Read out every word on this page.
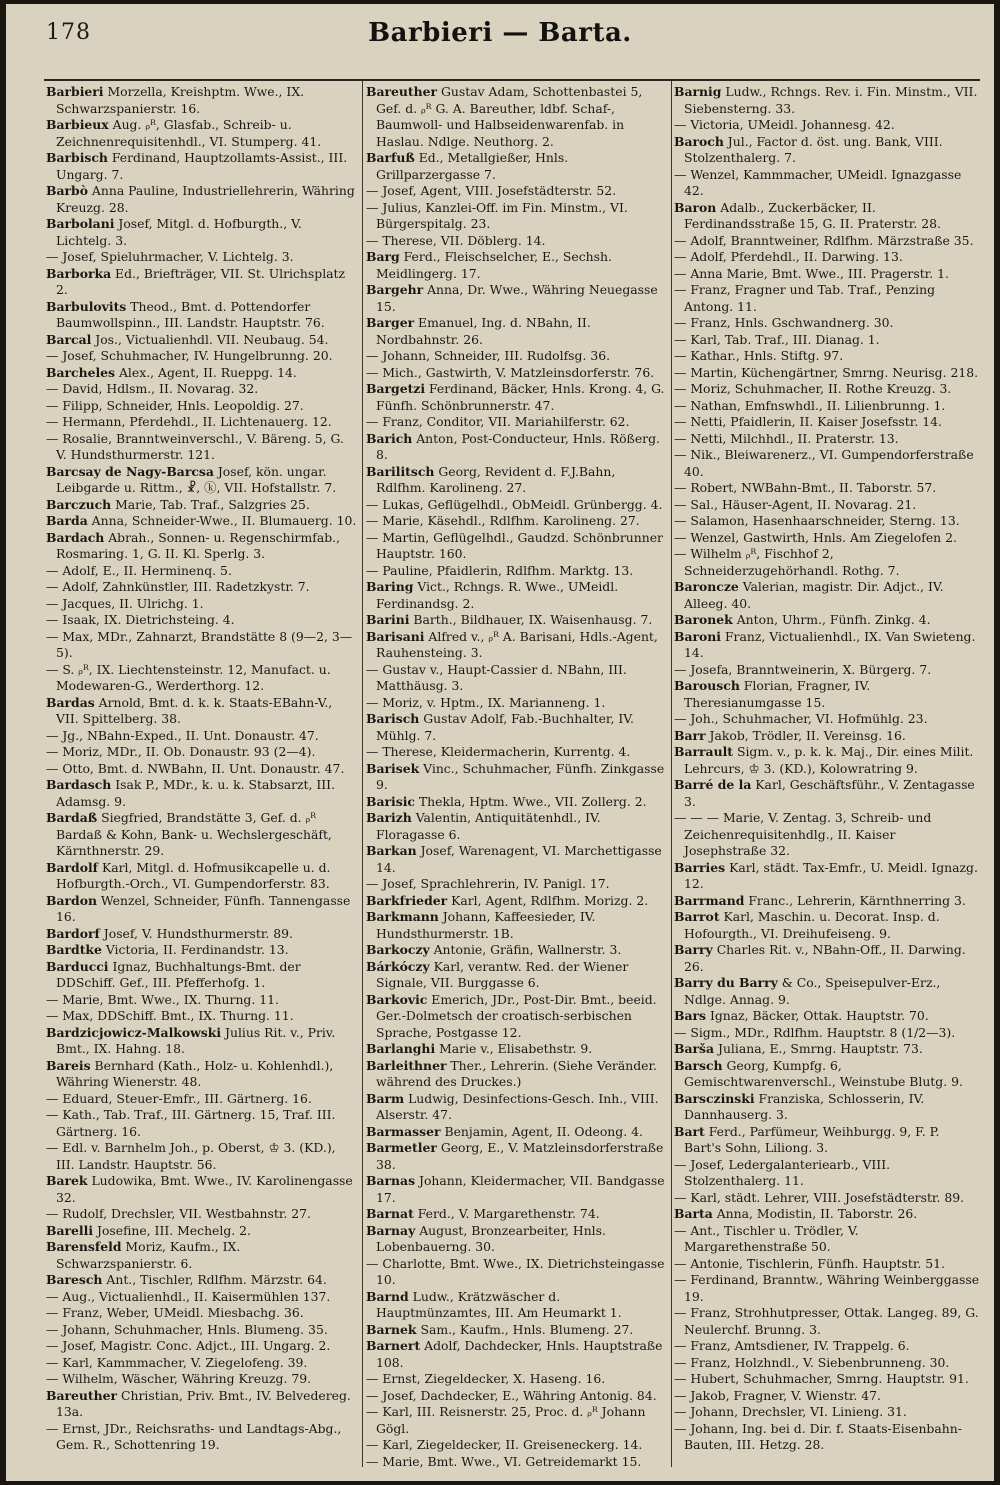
178	Barbieri — Barta.

Barbieri Morzella, Kreishptm. Wwe., IX. Schwarzspanierstr. 16.

Barbieux Aug. ᵨᴿ, Glasfab., Schreib- u. Zeichnenrequisitenhdl., VI. Stumperg. 41.

Barbisch Ferdinand, Hauptzollamts-Assist., III. Ungarg. 7.

Barbò Anna Pauline, Industriellehrerin, Währing Kreuzg. 28.

Barbolani Josef, Mitgl. d. Hofburgth., V. Lichtelg. 3.

— Josef, Spieluhrmacher, V. Lichtelg. 3.

Barborka Ed., Briefträger, VII. St. Ulrichsplatz 2.

Barbulovits Theod., Bmt. d. Pottendorfer Baumwollspinn., III. Landstr. Hauptstr. 76.

Barcal Jos., Victualienhdl. VII. Neubaug. 54.

— Josef, Schuhmacher, IV. Hungelbrunng. 20.

Barcheles Alex., Agent, II. Rueppg. 14.

— David, Hdlsm., II. Novarag. 32.

— Filipp, Schneider, Hnls. Leopoldig. 27.

— Hermann, Pferdehdl., II. Lichtenauerg. 12.

— Rosalie, Branntweinverschl., V. Bäreng. 5, G. V. Hundsthurmerstr. 121.

Barcsay de Nagy-Barcsa Josef, kön. ungar. Leibgarde u. Rittm., ☧, ⓚ, VII. Hofstallstr. 7.

Barczuch Marie, Tab. Traf., Salzgries 25.

Barda Anna, Schneider-Wwe., II. Blumauerg. 10.

Bardach Abrah., Sonnen- u. Regenschirmfab., Rosmaring. 1, G. II. Kl. Sperlg. 3.

— Adolf, E., II. Herminenq. 5.

— Adolf, Zahnkünstler, III. Radetzkystr. 7.

— Jacques, II. Ulrichg. 1.

— Isaak, IX. Dietrichsteing. 4.

— Max, MDr., Zahnarzt, Brandstätte 8 (9—2, 3—5).

— S. ᵨᴿ, IX. Liechtensteinstr. 12, Manufact. u. Modewaren-G., Werderthorg. 12.

Bardas Arnold, Bmt. d. k. k. Staats-EBahn-V., VII. Spittelberg. 38.

— Jg., NBahn-Exped., II. Unt. Donaustr. 47.

— Moriz, MDr., II. Ob. Donaustr. 93 (2—4).

— Otto, Bmt. d. NWBahn, II. Unt. Donaustr. 47.

Bardasch Isak P., MDr., k. u. k. Stabsarzt, III. Adamsg. 9.

Bardaß Siegfried, Brandstätte 3, Gef. d. ᵨᴿ Bardaß & Kohn, Bank- u. Wechslergeschäft, Kärnthnerstr. 29.

Bardolf Karl, Mitgl. d. Hofmusikcapelle u. d. Hofburgth.-Orch., VI. Gumpendorferstr. 83.

Bardon Wenzel, Schneider, Fünfh. Tannengasse 16.

Bardorf Josef, V. Hundsthurmerstr. 89.

Bardtke Victoria, II. Ferdinandstr. 13.

Barducci Ignaz, Buchhaltungs-Bmt. der DDSchiff. Gef., III. Pfefferhofg. 1.

— Marie, Bmt. Wwe., IX. Thurng. 11.

— Max, DDSchiff. Bmt., IX. Thurng. 11.

Bardzicjowicz-Malkowski Julius Rit. v., Priv. Bmt., IX. Hahng. 18.

Bareis Bernhard (Kath., Holz- u. Kohlenhdl.), Währing Wienerstr. 48.

— Eduard, Steuer-Emfr., III. Gärtnerg. 16.

— Kath., Tab. Traf., III. Gärtnerg. 15, Traf. III. Gärtnerg. 16.

— Edl. v. Barnhelm Joh., p. Oberst, ♔ 3. (KD.), III. Landstr. Hauptstr. 56.

Barek Ludowika, Bmt. Wwe., IV. Karolinengasse 32.

— Rudolf, Drechsler, VII. Westbahnstr. 27.

Barelli Josefine, III. Mechelg. 2.

Barensfeld Moriz, Kaufm., IX. Schwarzspanierstr. 6.

Baresch Ant., Tischler, Rdlfhm. Märzstr. 64.

— Aug., Victualienhdl., II. Kaisermühlen 137.

— Franz, Weber, UMeidl. Miesbachg. 36.

— Johann, Schuhmacher, Hnls. Blumeng. 35.

— Josef, Magistr. Conc. Adjct., III. Ungarg. 2.

— Karl, Kammmacher, V. Ziegelofeng. 39.

— Wilhelm, Wäscher, Währing Kreuzg. 79.

Bareuther Christian, Priv. Bmt., IV. Belvedereg. 13a.

— Ernst, JDr., Reichsraths- und Landtags-Abg., Gem. R., Schottenring 19.

Bareuther Gustav Adam, Schottenbastei 5, Gef. d. ᵨᴿ G. A. Bareuther, ldbf. Schaf-, Baumwoll- und Halbseidenwarenfab. in Haslau. Ndlge. Neuthorg. 2.

Barfuß Ed., Metallgießer, Hnls. Grillparzergasse 7.

— Josef, Agent, VIII. Josefstädterstr. 52.

— Julius, Kanzlei-Off. im Fin. Minstm., VI. Bürgerspitalg. 23.

— Therese, VII. Döblerg. 14.

Barg Ferd., Fleischselcher, E., Sechsh. Meidlingerg. 17.

Bargehr Anna, Dr. Wwe., Währing Neuegasse 15.

Barger Emanuel, Ing. d. NBahn, II. Nordbahnstr. 26.

— Johann, Schneider, III. Rudolfsg. 36.

— Mich., Gastwirth, V. Matzleinsdorferstr. 76.

Bargetzi Ferdinand, Bäcker, Hnls. Krong. 4, G. Fünfh. Schönbrunnerstr. 47.

— Franz, Conditor, VII. Mariahilferstr. 62.

Barich Anton, Post-Conducteur, Hnls. Rößerg. 8.

Barilitsch Georg, Revident d. F.J.Bahn, Rdlfhm. Karolineng. 27.

— Lukas, Geflügelhdl., ObMeidl. Grünbergg. 4.

— Marie, Käsehdl., Rdlfhm. Karolineng. 27.

— Martin, Geflügelhdl., Gaudzd. Schönbrunner Hauptstr. 160.

— Pauline, Pfaidlerin, Rdlfhm. Marktg. 13.

Baring Vict., Rchngs. R. Wwe., UMeidl. Ferdinandsg. 2.

Barini Barth., Bildhauer, IX. Waisenhausg. 7.

Barisani Alfred v., ᵨᴿ A. Barisani, Hdls.-Agent, Rauhensteing. 3.

— Gustav v., Haupt-Cassier d. NBahn, III. Matthäusg. 3.

— Moriz, v. Hptm., IX. Marianneng. 1.

Barisch Gustav Adolf, Fab.-Buchhalter, IV. Mühlg. 7.

— Therese, Kleidermacherin, Kurrentg. 4.

Barisek Vinc., Schuhmacher, Fünfh. Zinkgasse 9.

Barisic Thekla, Hptm. Wwe., VII. Zollerg. 2.

Barizh Valentin, Antiquitätenhdl., IV. Floragasse 6.

Barkan Josef, Warenagent, VI. Marchettigasse 14.

— Josef, Sprachlehrerin, IV. Panigl. 17.

Barkfrieder Karl, Agent, Rdlfhm. Morizg. 2.

Barkmann Johann, Kaffeesieder, IV. Hundsthurmerstr. 1B.

Barkoczy Antonie, Gräfin, Wallnerstr. 3.

Bárkóczy Karl, verantw. Red. der Wiener Signale, VII. Burggasse 6.

Barkovic Emerich, JDr., Post-Dir. Bmt., beeid. Ger.-Dolmetsch der croatisch-serbischen Sprache, Postgasse 12.

Barlanghi Marie v., Elisabethstr. 9.

Barleithner Ther., Lehrerin. (Siehe Veränder. während des Druckes.)

Barm Ludwig, Desinfections-Gesch. Inh., VIII. Alserstr. 47.

Barmasser Benjamin, Agent, II. Odeong. 4.

Barmetler Georg, E., V. Matzleinsdorferstraße 38.

Barnas Johann, Kleidermacher, VII. Bandgasse 17.

Barnat Ferd., V. Margarethenstr. 74.

Barnay August, Bronzearbeiter, Hnls. Lobenbauerng. 30.

— Charlotte, Bmt. Wwe., IX. Dietrichsteingasse 10.

Barnd Ludw., Krätzwäscher d. Hauptmünzamtes, III. Am Heumarkt 1.

Barnek Sam., Kaufm., Hnls. Blumeng. 27.

Barnert Adolf, Dachdecker, Hnls. Hauptstraße 108.

— Ernst, Ziegeldecker, X. Haseng. 16.

— Josef, Dachdecker, E., Währing Antonig. 84.

— Karl, III. Reisnerstr. 25, Proc. d. ᵨᴿ Johann Gögl.

— Karl, Ziegeldecker, II. Greiseneckerg. 14.

— Marie, Bmt. Wwe., VI. Getreidemarkt 15.

Barnig Ludw., Rchngs. Rev. i. Fin. Minstm., VII. Siebensterng. 33.

— Victoria, UMeidl. Johannesg. 42.

Baroch Jul., Factor d. öst. ung. Bank, VIII. Stolzenthalerg. 7.

— Wenzel, Kammmacher, UMeidl. Ignazgasse 42.

Baron Adalb., Zuckerbäcker, II. Ferdinandsstraße 15, G. II. Praterstr. 28.

— Adolf, Branntweiner, Rdlfhm. Märzstraße 35.

— Adolf, Pferdehdl., II. Darwing. 13.

— Anna Marie, Bmt. Wwe., III. Pragerstr. 1.

— Franz, Fragner und Tab. Traf., Penzing Antong. 11.

— Franz, Hnls. Gschwandnerg. 30.

— Karl, Tab. Traf., III. Dianag. 1.

— Kathar., Hnls. Stiftg. 97.

— Martin, Küchengärtner, Smrng. Neurisg. 218.

— Moriz, Schuhmacher, II. Rothe Kreuzg. 3.

— Nathan, Emfnswhdl., II. Lilienbrunng. 1.

— Netti, Pfaidlerin, II. Kaiser Josefsstr. 14.

— Netti, Milchhdl., II. Praterstr. 13.

— Nik., Bleiwarenerz., VI. Gumpendorferstraße 40.

— Robert, NWBahn-Bmt., II. Taborstr. 57.

— Sal., Häuser-Agent, II. Novarag. 21.

— Salamon, Hasenhaarschneider, Sterng. 13.

— Wenzel, Gastwirth, Hnls. Am Ziegelofen 2.

— Wilhelm ᵨᴿ, Fischhof 2, Schneiderzugehörhandl. Rothg. 7.

Baroncze Valerian, magistr. Dir. Adjct., IV. Alleeg. 40.

Baronek Anton, Uhrm., Fünfh. Zinkg. 4.

Baroni Franz, Victualienhdl., IX. Van Swieteng. 14.

— Josefa, Branntweinerin, X. Bürgerg. 7.

Barousch Florian, Fragner, IV. Theresianumgasse 15.

— Joh., Schuhmacher, VI. Hofmühlg. 23.

Barr Jakob, Trödler, II. Vereinsg. 16.

Barrault Sigm. v., p. k. k. Maj., Dir. eines Milit. Lehrcurs, ♔ 3. (KD.), Kolowratring 9.

Barré de la Karl, Geschäftsführ., V. Zentagasse 3.

— — — Marie, V. Zentag. 3, Schreib- und Zeichenrequisitenhdlg., II. Kaiser Josephstraße 32.

Barries Karl, städt. Tax-Emfr., U. Meidl. Ignazg. 12.

Barrmand Franc., Lehrerin, Kärnthnerring 3.

Barrot Karl, Maschin. u. Decorat. Insp. d. Hofourgth., VI. Dreihufeiseng. 9.

Barry Charles Rit. v., NBahn-Off., II. Darwing. 26.

Barry du Barry & Co., Speisepulver-Erz., Ndlge. Annag. 9.

Bars Ignaz, Bäcker, Ottak. Hauptstr. 70.

— Sigm., MDr., Rdlfhm. Hauptstr. 8 (1/2—3).

Barša Juliana, E., Smrng. Hauptstr. 73.

Barsch Georg, Kumpfg. 6, Gemischtwarenverschl., Weinstube Blutg. 9.

Barsczinski Franziska, Schlosserin, IV. Dannhauserg. 3.

Bart Ferd., Parfümeur, Weihburgg. 9, F. P. Bart's Sohn, Liliong. 3.

— Josef, Ledergalanteriearb., VIII. Stolzenthalerg. 11.

— Karl, städt. Lehrer, VIII. Josefstädterstr. 89.

Barta Anna, Modistin, II. Taborstr. 26.

— Ant., Tischler u. Trödler, V. Margarethenstraße 50.

— Antonie, Tischlerin, Fünfh. Hauptstr. 51.

— Ferdinand, Branntw., Währing Weinberggasse 19.

— Franz, Strohhutpresser, Ottak. Langeg. 89, G. Neulerchf. Brunng. 3.

— Franz, Amtsdiener, IV. Trappelg. 6.

— Franz, Holzhndl., V. Siebenbrunneng. 30.

— Hubert, Schuhmacher, Smrng. Hauptstr. 91.

— Jakob, Fragner, V. Wienstr. 47.

— Johann, Drechsler, VI. Linieng. 31.

— Johann, Ing. bei d. Dir. f. Staats-Eisenbahn-Bauten, III. Hetzg. 28.
